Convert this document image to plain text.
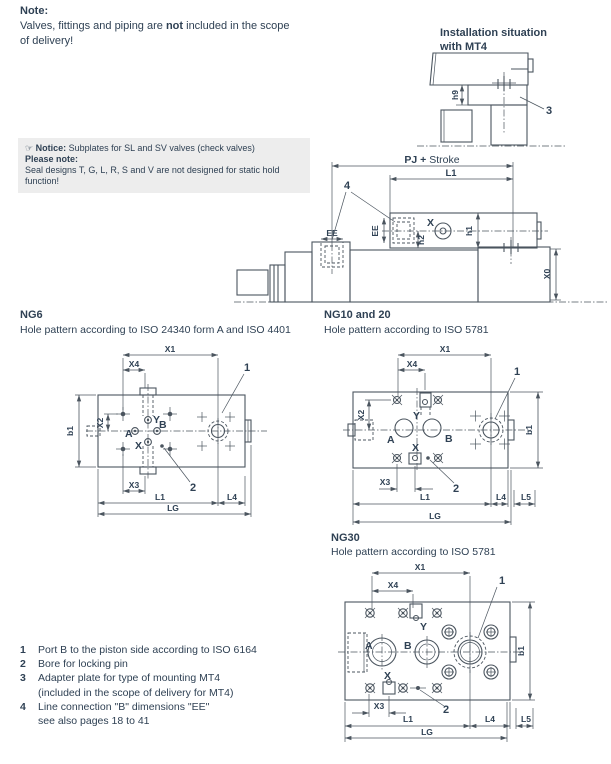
Note:
Valves, fittings and piping are not included in the scope
of delivery!
Installation situation
with MT4
h9
3
☞ Notice: Subplates for SL and SV valves (check valves)
Please note:
Seal designs T, G, L, R, S and V are not designed for static hold
function!
PJ + Stroke
L1
EE
h2
X
h1
EE
4
X0
NG6
Hole pattern according to ISO 24340 form A and ISO 4401
NG10 and 20
Hole pattern according to ISO 5781
X1
X4
b1
X2
A
B
Y
X
1
2
X3
L1	L4
LG
X1
X4
Y
X2
A	B
X
b1
1
2
X3
L1	L4 L5
LG
NG30
Hole pattern according to ISO 5781
X1
X4	1
Y
A	B
X
b1
2
X3
L1	L4	L5
LG
1	Port B to the piston side according to ISO 6164
2	Bore for locking pin
3	Adapter plate for type of mounting MT4
(included in the scope of delivery for MT4)
4	Line connection "B" dimensions "EE"
see also pages 18 to 41
